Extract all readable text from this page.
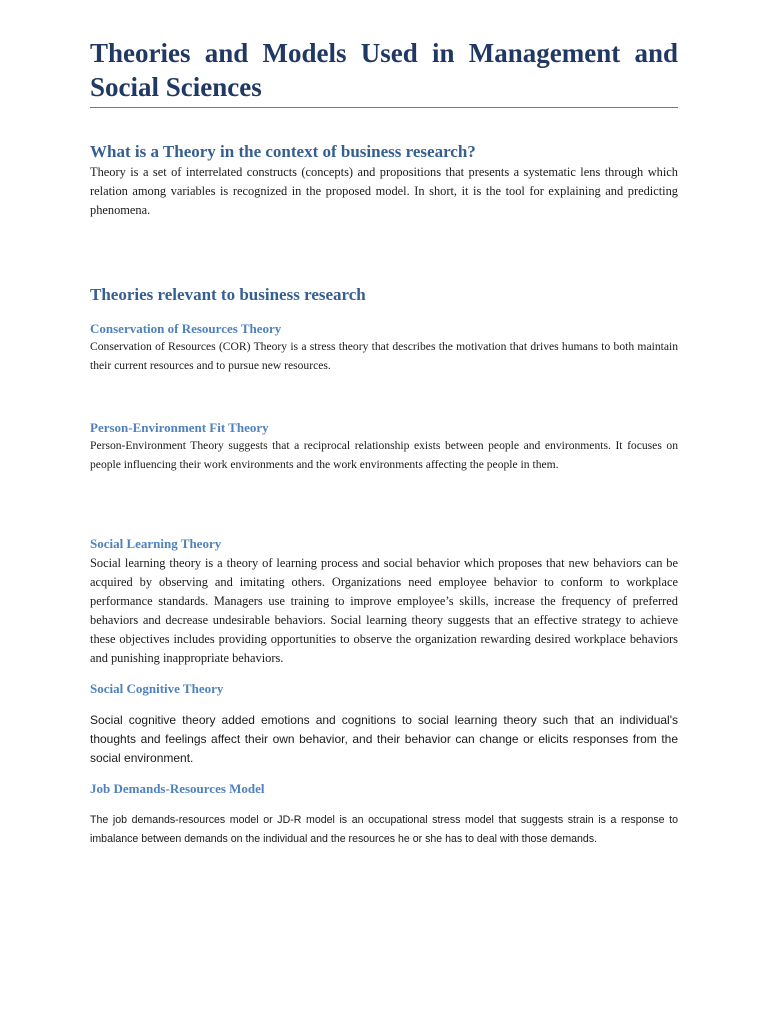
Theories and Models Used in Management and Social Sciences
What is a Theory in the context of business research?

Theory is a set of interrelated constructs (concepts) and propositions that presents a systematic lens through which relation among variables is recognized in the proposed model. In short, it is the tool for explaining and predicting phenomena.

Theories relevant to business research
Conservation of Resources Theory

Conservation of Resources (COR) Theory is a stress theory that describes the motivation that drives humans to both maintain their current resources and to pursue new resources.

Person-Environment Fit Theory

Person-Environment Theory suggests that a reciprocal relationship exists between people and environments. It focuses on people influencing their work environments and the work environments affecting the people in them.

Social Learning Theory

Social learning theory is a theory of learning process and social behavior which proposes that new behaviors can be acquired by observing and imitating others. Organizations need employee behavior to conform to workplace performance standards. Managers use training to improve employee’s skills, increase the frequency of preferred behaviors and decrease undesirable behaviors. Social learning theory suggests that an effective strategy to achieve these objectives includes providing opportunities to observe the organization rewarding desired workplace behaviors and punishing inappropriate behaviors.

Social Cognitive Theory

Social cognitive theory added emotions and cognitions to social learning theory such that an individual's thoughts and feelings affect their own behavior, and their behavior can change or elicits responses from the social environment.

Job Demands-Resources Model

The job demands-resources model or JD-R model is an occupational stress model that suggests strain is a response to imbalance between demands on the individual and the resources he or she has to deal with those demands.
